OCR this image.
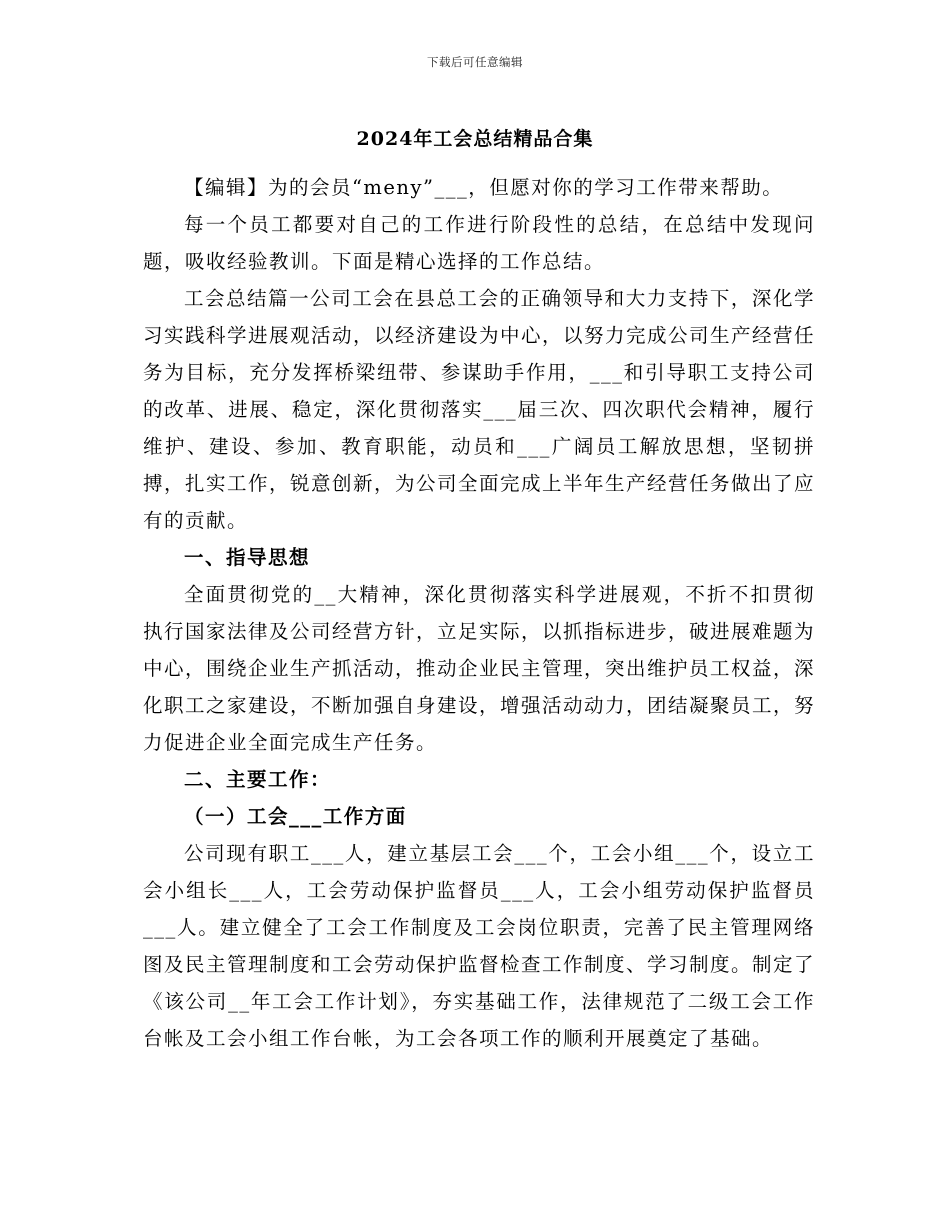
下载后可任意编辑
2024年工会总结精品合集

【编辑】为的会员“meny”___，但愿对你的学习工作带来帮助。

每一个员工都要对自己的工作进行阶段性的总结，在总结中发现问题，吸收经验教训。下面是精心选择的工作总结。

工会总结篇一公司工会在县总工会的正确领导和大力支持下，深化学习实践科学进展观活动，以经济建设为中心，以努力完成公司生产经营任务为目标，充分发挥桥梁纽带、参谋助手作用，___和引导职工支持公司的改革、进展、稳定，深化贯彻落实___届三次、四次职代会精神，履行维护、建设、参加、教育职能，动员和___广阔员工解放思想，坚韧拼搏，扎实工作，锐意创新，为公司全面完成上半年生产经营任务做出了应有的贡献。

一、指导思想

全面贯彻党的__大精神，深化贯彻落实科学进展观，不折不扣贯彻执行国家法律及公司经营方针，立足实际，以抓指标进步，破进展难题为中心，围绕企业生产抓活动，推动企业民主管理，突出维护员工权益，深化职工之家建设，不断加强自身建设，增强活动动力，团结凝聚员工，努力促进企业全面完成生产任务。

二、主要工作：

（一）工会___工作方面

公司现有职工___人，建立基层工会___个，工会小组___个，设立工会小组长___人，工会劳动保护监督员___人，工会小组劳动保护监督员___人。建立健全了工会工作制度及工会岗位职责，完善了民主管理网络图及民主管理制度和工会劳动保护监督检查工作制度、学习制度。制定了《该公司__年工会工作计划》，夯实基础工作，法律规范了二级工会工作台帐及工会小组工作台帐，为工会各项工作的顺利开展奠定了基础。
